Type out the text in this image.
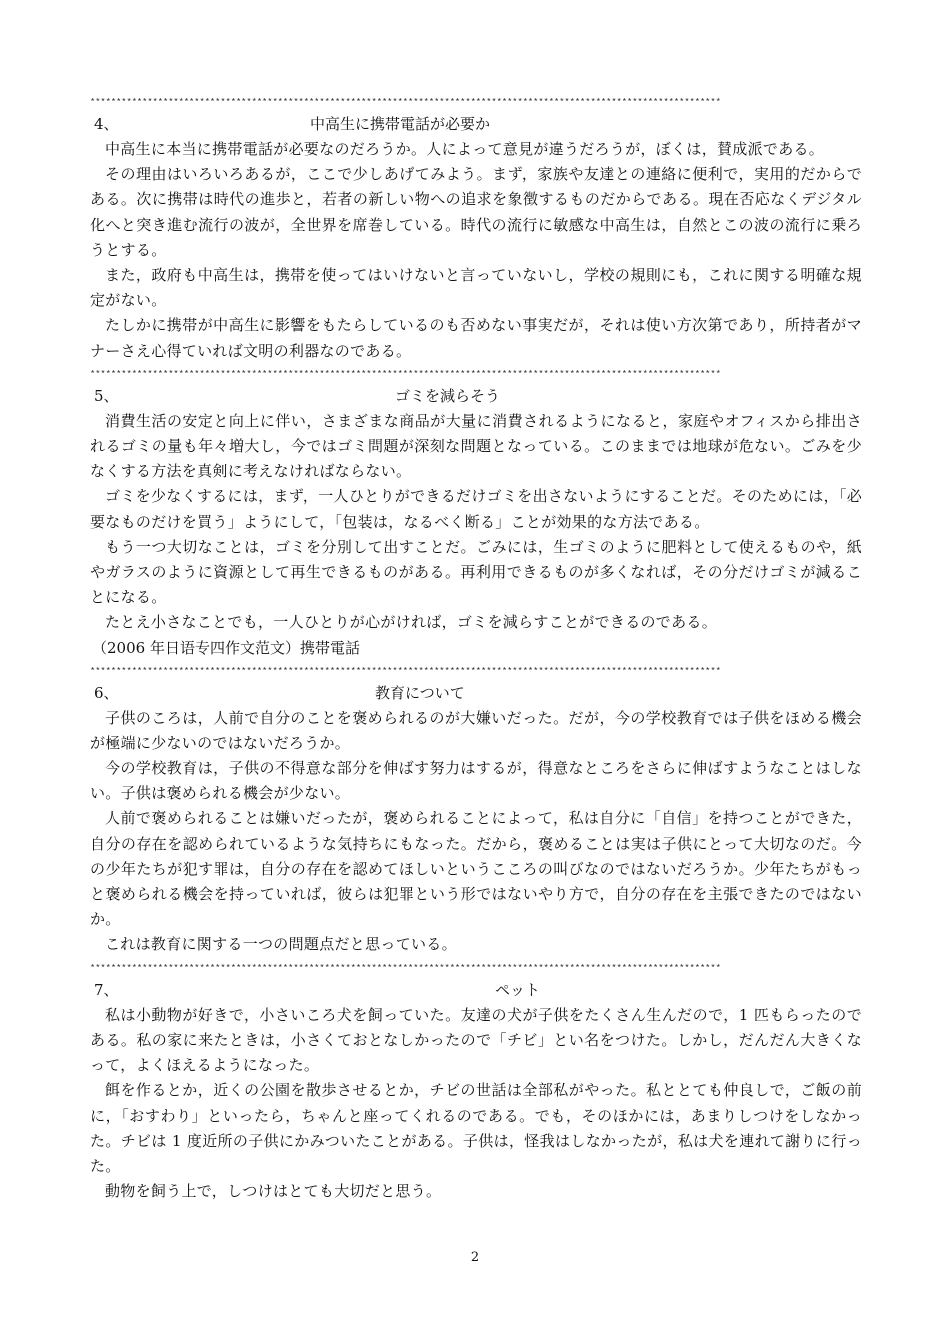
*************************************************************************************************************************
4、	中高生に携帯電話が必要か

中高生に本当に携帯電話が必要なのだろうか。人によって意見が違うだろうが，ぼくは，賛成派である。

その理由はいろいろあるが，ここで少しあげてみよう。まず，家族や友達との連絡に便利で，実用的だからである。次に携帯は時代の進歩と，若者の新しい物への追求を象徴するものだからである。現在否応なくデジタル化へと突き進む流行の波が，全世界を席巻している。時代の流行に敏感な中高生は，自然とこの波の流行に乗ろうとする。

また，政府も中高生は，携帯を使ってはいけないと言っていないし，学校の規則にも，これに関する明確な規定がない。

たしかに携帯が中高生に影響をもたらしているのも否めない事実だが，それは使い方次第であり，所持者がマナーさえ心得ていれば文明の利器なのである。

*************************************************************************************************************************
5、	ゴミを減らそう

消費生活の安定と向上に伴い，さまざまな商品が大量に消費されるようになると，家庭やオフィスから排出されるゴミの量も年々増大し，今ではゴミ問題が深刻な問題となっている。このままでは地球が危ない。ごみを少なくする方法を真剣に考えなければならない。

ゴミを少なくするには，まず，一人ひとりができるだけゴミを出さないようにすることだ。そのためには，「必要なものだけを買う」ようにして，「包装は，なるべく断る」ことが効果的な方法である。

もう一つ大切なことは，ゴミを分別して出すことだ。ごみには，生ゴミのように肥料として使えるものや，紙やガラスのように資源として再生できるものがある。再利用できるものが多くなれば，その分だけゴミが減ることになる。

たとえ小さなことでも，一人ひとりが心がければ，ゴミを減らすことができるのである。

（2006 年日语专四作文范文）携帯電話

*************************************************************************************************************************
6、	教育について

子供のころは，人前で自分のことを褒められるのが大嫌いだった。だが，今の学校教育では子供をほめる機会が極端に少ないのではないだろうか。

今の学校教育は，子供の不得意な部分を伸ばす努力はするが，得意なところをさらに伸ばすようなことはしない。子供は褒められる機会が少ない。

人前で褒められることは嫌いだったが，褒められることによって，私は自分に「自信」を持つことができた，自分の存在を認められているような気持ちにもなった。だから，褒めることは実は子供にとって大切なのだ。今の少年たちが犯す罪は，自分の存在を認めてほしいというこころの叫びなのではないだろうか。少年たちがもっと褒められる機会を持っていれば，彼らは犯罪という形ではないやり方で，自分の存在を主張できたのではないか。

これは教育に関する一つの問題点だと思っている。

*************************************************************************************************************************
7、	ペット

私は小動物が好きで，小さいころ犬を飼っていた。友達の犬が子供をたくさん生んだので，1 匹もらったのである。私の家に来たときは，小さくておとなしかったので「チビ」とい名をつけた。しかし，だんだん大きくなって，よくほえるようになった。

餌を作るとか，近くの公園を散歩させるとか，チビの世話は全部私がやった。私ととても仲良しで，ご飯の前に，「おすわり」といったら，ちゃんと座ってくれるのである。でも，そのほかには，あまりしつけをしなかった。チビは 1 度近所の子供にかみついたことがある。子供は，怪我はしなかったが，私は犬を連れて謝りに行った。

動物を飼う上で，しつけはとても大切だと思う。

2
